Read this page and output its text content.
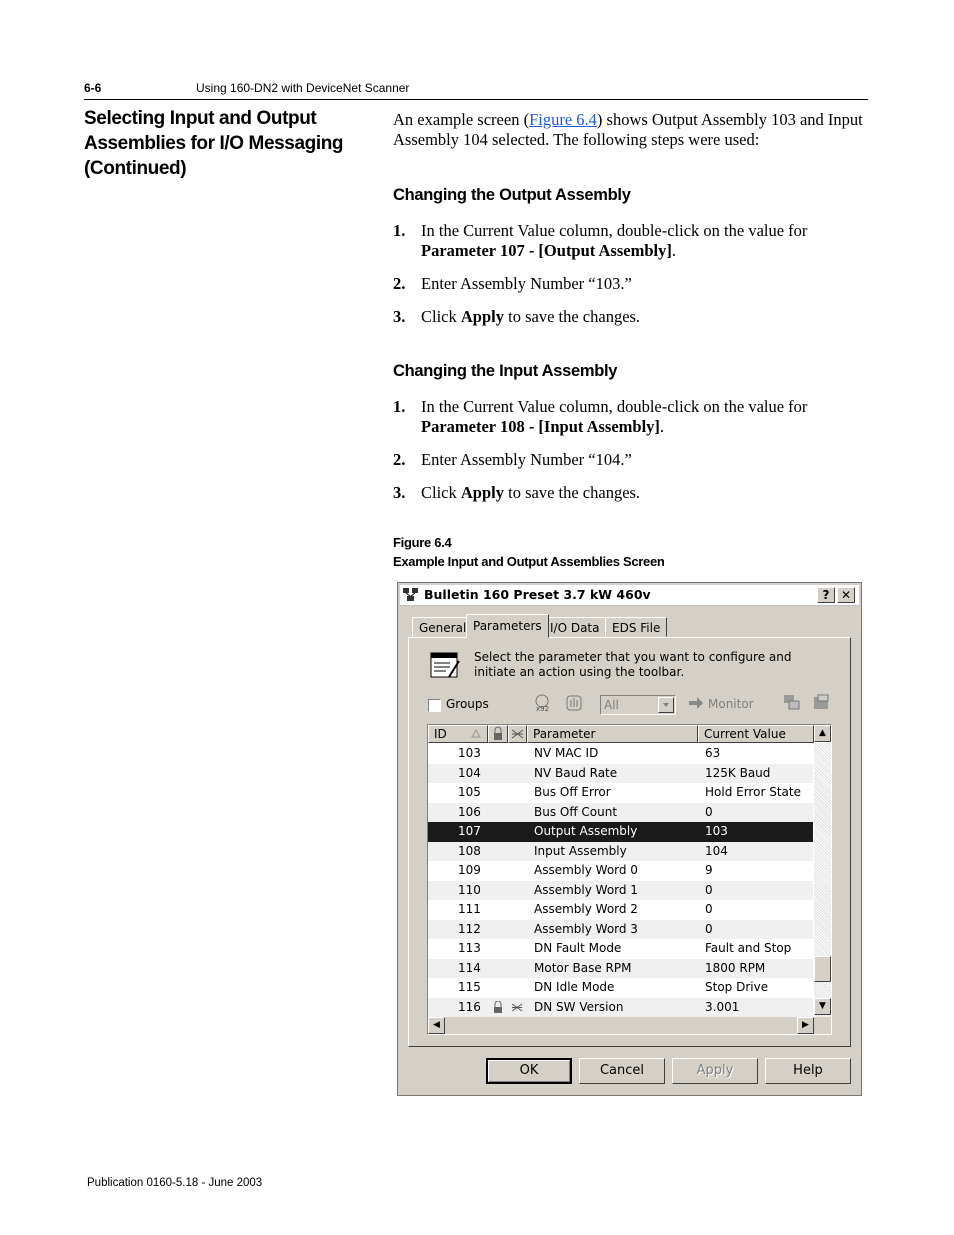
6-6	Using 160-DN2 with DeviceNet Scanner
Selecting Input and Output Assemblies for I/O Messaging (Continued)
An example screen (Figure 6.4) shows Output Assembly 103 and Input Assembly 104 selected. The following steps were used:
Changing the Output Assembly
1. In the Current Value column, double-click on the value for Parameter 107 - [Output Assembly].
2. Enter Assembly Number “103.”
3. Click Apply to save the changes.
Changing the Input Assembly
1. In the Current Value column, double-click on the value for Parameter 108 - [Input Assembly].
2. Enter Assembly Number “104.”
3. Click Apply to save the changes.
Figure 6.4
Example Input and Output Assemblies Screen
Bulletin 160 Preset 3.7 kW 460v	? ✕
General Parameters I/O Data	EDS File
Select the parameter that you want to configure and initiate an action using the toolbar.
Groups	x92	All	Monitor
ID	Parameter	Current Value
103	NV MAC ID	63
104	NV Baud Rate	125K Baud
105	Bus Off Error	Hold Error State
106	Bus Off Count	0
107	Output Assembly	103
108	Input Assembly	104
109	Assembly Word 0	9
110	Assembly Word 1	0
111	Assembly Word 2	0
112	Assembly Word 3	0
113	DN Fault Mode	Fault and Stop
114	Motor Base RPM	1800 RPM
115	DN Idle Mode	Stop Drive
116	DN SW Version	3.001
▲
▼
◀	▶
OK	Cancel	Apply	Help
Publication 0160-5.18 - June 2003
